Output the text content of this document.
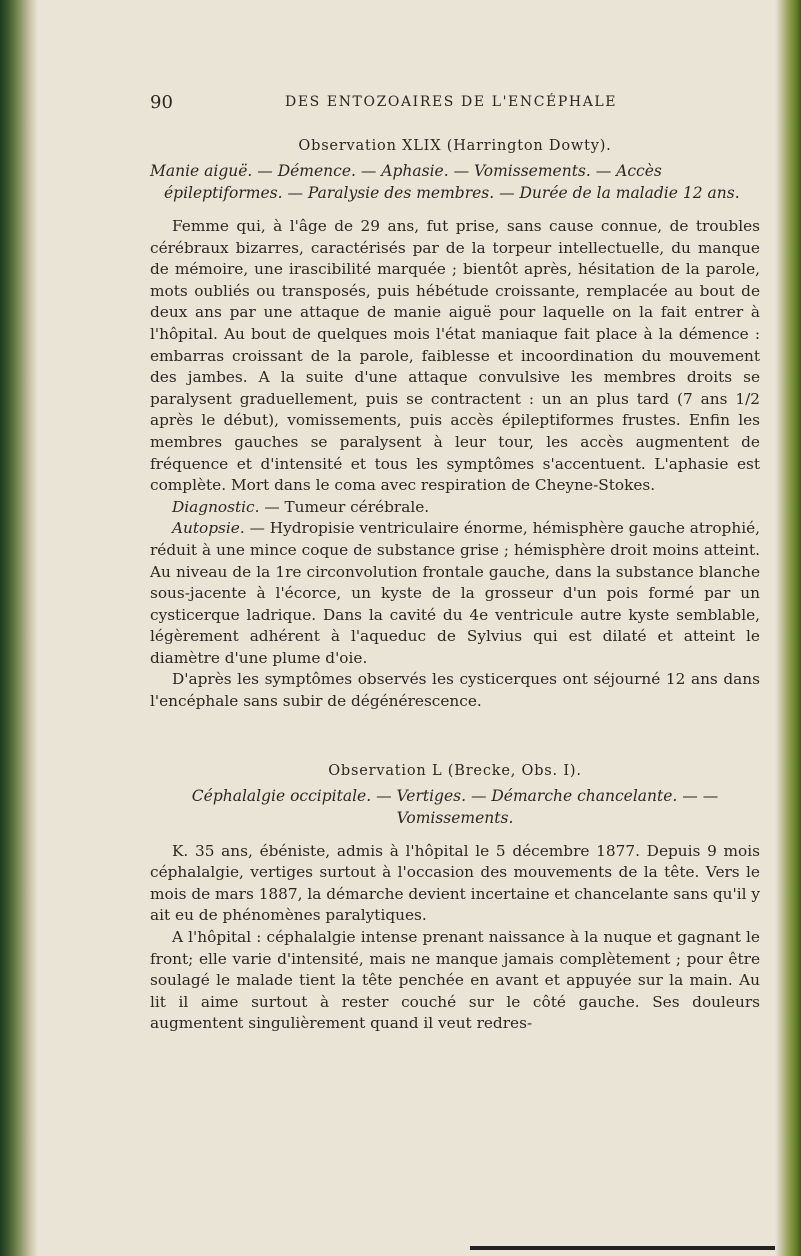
90	DES ENTOZOAIRES DE L'ENCÉPHALE
Observation XLIX (Harrington Dowty).
Manie aiguë. — Démence. — Aphasie. — Vomissements. — Accès épileptiformes. — Paralysie des membres. — Durée de la maladie 12 ans.

Femme qui, à l'âge de 29 ans, fut prise, sans cause connue, de troubles cérébraux bizarres, caractérisés par de la torpeur intellectuelle, du manque de mémoire, une irascibilité marquée ; bientôt après, hésitation de la parole, mots oubliés ou transposés, puis hébétude croissante, remplacée au bout de deux ans par une attaque de manie aiguë pour laquelle on la fait entrer à l'hôpital. Au bout de quelques mois l'état maniaque fait place à la démence : embarras croissant de la parole, faiblesse et incoordination du mouvement des jambes. A la suite d'une attaque convulsive les membres droits se paralysent graduellement, puis se contractent : un an plus tard (7 ans 1/2 après le début), vomissements, puis accès épileptiformes frustes. Enfin les membres gauches se paralysent à leur tour, les accès augmentent de fréquence et d'intensité et tous les symptômes s'accentuent. L'aphasie est complète. Mort dans le coma avec respiration de Cheyne-Stokes.

Diagnostic. — Tumeur cérébrale.

Autopsie. — Hydropisie ventriculaire énorme, hémisphère gauche atrophié, réduit à une mince coque de substance grise ; hémisphère droit moins atteint. Au niveau de la 1re circonvolution frontale gauche, dans la substance blanche sous-jacente à l'écorce, un kyste de la grosseur d'un pois formé par un cysticerque ladrique. Dans la cavité du 4e ventricule autre kyste semblable, légèrement adhérent à l'aqueduc de Sylvius qui est dilaté et atteint le diamètre d'une plume d'oie.

D'après les symptômes observés les cysticerques ont séjourné 12 ans dans l'encéphale sans subir de dégénérescence.

Observation L (Brecke, Obs. I).
Céphalalgie occipitale. — Vertiges. — Démarche chancelante. — — Vomissements.

K. 35 ans, ébéniste, admis à l'hôpital le 5 décembre 1877. Depuis 9 mois céphalalgie, vertiges surtout à l'occasion des mouvements de la tête. Vers le mois de mars 1887, la démarche devient incertaine et chancelante sans qu'il y ait eu de phénomènes paralytiques.

A l'hôpital : céphalalgie intense prenant naissance à la nuque et gagnant le front; elle varie d'intensité, mais ne manque jamais complètement ; pour être soulagé le malade tient la tête penchée en avant et appuyée sur la main. Au lit il aime surtout à rester couché sur le côté gauche. Ses douleurs augmentent singulièrement quand il veut redres-
